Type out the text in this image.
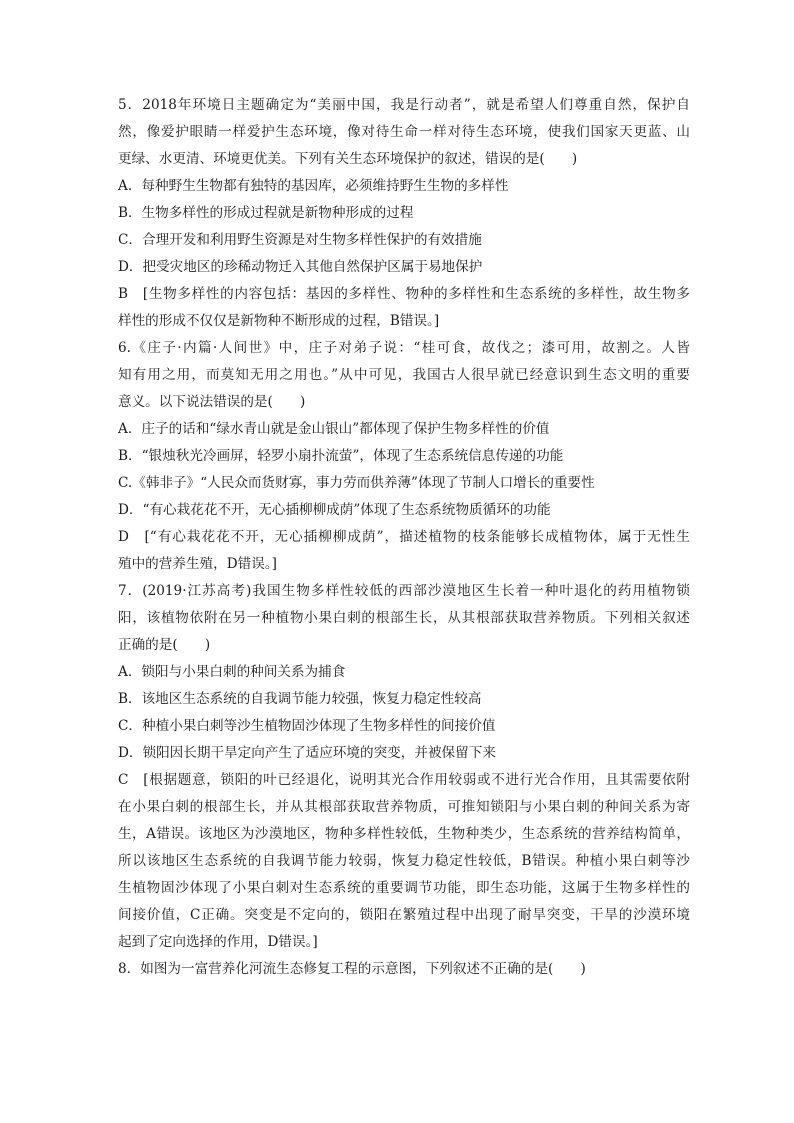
5．2018年环境日主题确定为“美丽中国，我是行动者”，就是希望人们尊重自然，保护自
然，像爱护眼睛一样爱护生态环境，像对待生命一样对待生态环境，使我们国家天更蓝、山
更绿、水更清、环境更优美。下列有关生态环境保护的叙述，错误的是(　　)
A．每种野生生物都有独特的基因库，必须维持野生生物的多样性
B．生物多样性的形成过程就是新物种形成的过程
C．合理开发和利用野生资源是对生物多样性保护的有效措施
D．把受灾地区的珍稀动物迁入其他自然保护区属于易地保护
B　[生物多样性的内容包括：基因的多样性、物种的多样性和生态系统的多样性，故生物多
样性的形成不仅仅是新物种不断形成的过程，B错误。]
6.《庄子·内篇·人间世》中，庄子对弟子说：“桂可食，故伐之；漆可用，故割之。人皆
知有用之用，而莫知无用之用也。”从中可见，我国古人很早就已经意识到生态文明的重要
意义。以下说法错误的是(　　)
A．庄子的话和“绿水青山就是金山银山”都体现了保护生物多样性的价值
B．“银烛秋光冷画屏，轻罗小扇扑流萤”，体现了生态系统信息传递的功能
C.《韩非子》“人民众而货财寡，事力劳而供养薄”体现了节制人口增长的重要性
D．“有心栽花花不开，无心插柳柳成荫”体现了生态系统物质循环的功能
D　[“有心栽花花不开，无心插柳柳成荫”，描述植物的枝条能够长成植物体，属于无性生
殖中的营养生殖，D错误。]
7．(2019·江苏高考)我国生物多样性较低的西部沙漠地区生长着一种叶退化的药用植物锁
阳，该植物依附在另一种植物小果白刺的根部生长，从其根部获取营养物质。下列相关叙述
正确的是(　　)
A．锁阳与小果白刺的种间关系为捕食
B．该地区生态系统的自我调节能力较强，恢复力稳定性较高
C．种植小果白刺等沙生植物固沙体现了生物多样性的间接价值
D．锁阳因长期干旱定向产生了适应环境的突变，并被保留下来
C　[根据题意，锁阳的叶已经退化，说明其光合作用较弱或不进行光合作用，且其需要依附
在小果白刺的根部生长，并从其根部获取营养物质，可推知锁阳与小果白刺的种间关系为寄
生，A错误。该地区为沙漠地区，物种多样性较低，生物种类少，生态系统的营养结构简单，
所以该地区生态系统的自我调节能力较弱，恢复力稳定性较低，B错误。种植小果白刺等沙
生植物固沙体现了小果白刺对生态系统的重要调节功能，即生态功能，这属于生物多样性的
间接价值，C正确。突变是不定向的，锁阳在繁殖过程中出现了耐旱突变，干旱的沙漠环境
起到了定向选择的作用，D错误。]
8．如图为一富营养化河流生态修复工程的示意图，下列叙述不正确的是(　　)
